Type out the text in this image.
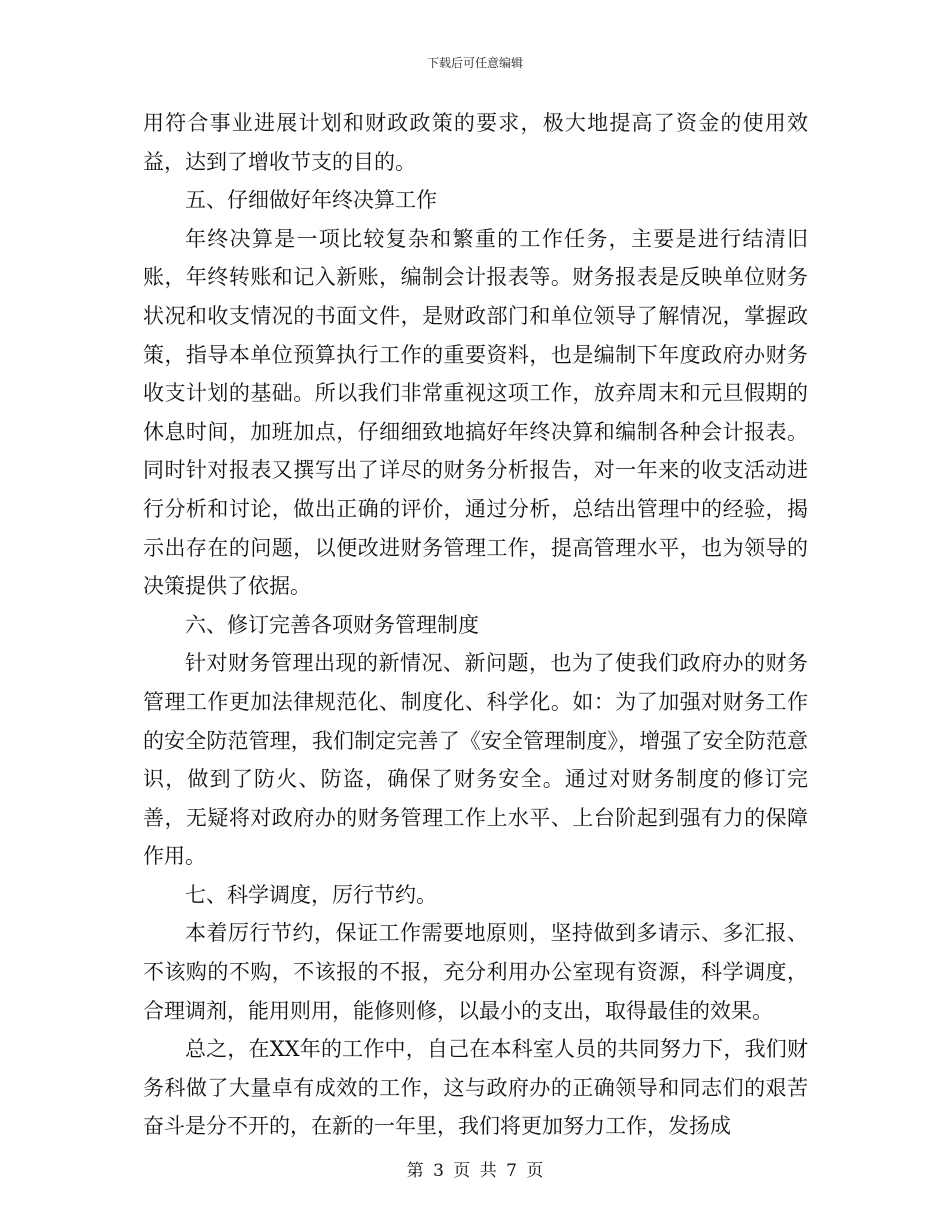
下载后可任意编辑

用符合事业进展计划和财政政策的要求，极大地提高了资金的使用效益，达到了增收节支的目的。

五、仔细做好年终决算工作

年终决算是一项比较复杂和繁重的工作任务，主要是进行结清旧账，年终转账和记入新账，编制会计报表等。财务报表是反映单位财务状况和收支情况的书面文件，是财政部门和单位领导了解情况，掌握政策，指导本单位预算执行工作的重要资料，也是编制下年度政府办财务收支计划的基础。所以我们非常重视这项工作，放弃周末和元旦假期的休息时间，加班加点，仔细细致地搞好年终决算和编制各种会计报表。同时针对报表又撰写出了详尽的财务分析报告，对一年来的收支活动进行分析和讨论，做出正确的评价，通过分析，总结出管理中的经验，揭示出存在的问题，以便改进财务管理工作，提高管理水平，也为领导的决策提供了依据。

六、修订完善各项财务管理制度

针对财务管理出现的新情况、新问题，也为了使我们政府办的财务管理工作更加法律规范化、制度化、科学化。如：为了加强对财务工作的安全防范管理，我们制定完善了《安全管理制度》，增强了安全防范意识，做到了防火、防盗，确保了财务安全。通过对财务制度的修订完善，无疑将对政府办的财务管理工作上水平、上台阶起到强有力的保障作用。

七、科学调度，厉行节约。

本着厉行节约，保证工作需要地原则，坚持做到多请示、多汇报、不该购的不购，不该报的不报，充分利用办公室现有资源，科学调度，合理调剂，能用则用，能修则修，以最小的支出，取得最佳的效果。

总之，在XX年的工作中，自己在本科室人员的共同努力下，我们财务科做了大量卓有成效的工作，这与政府办的正确领导和同志们的艰苦奋斗是分不开的，在新的一年里，我们将更加努力工作，发扬成

第 3 页 共 7 页
